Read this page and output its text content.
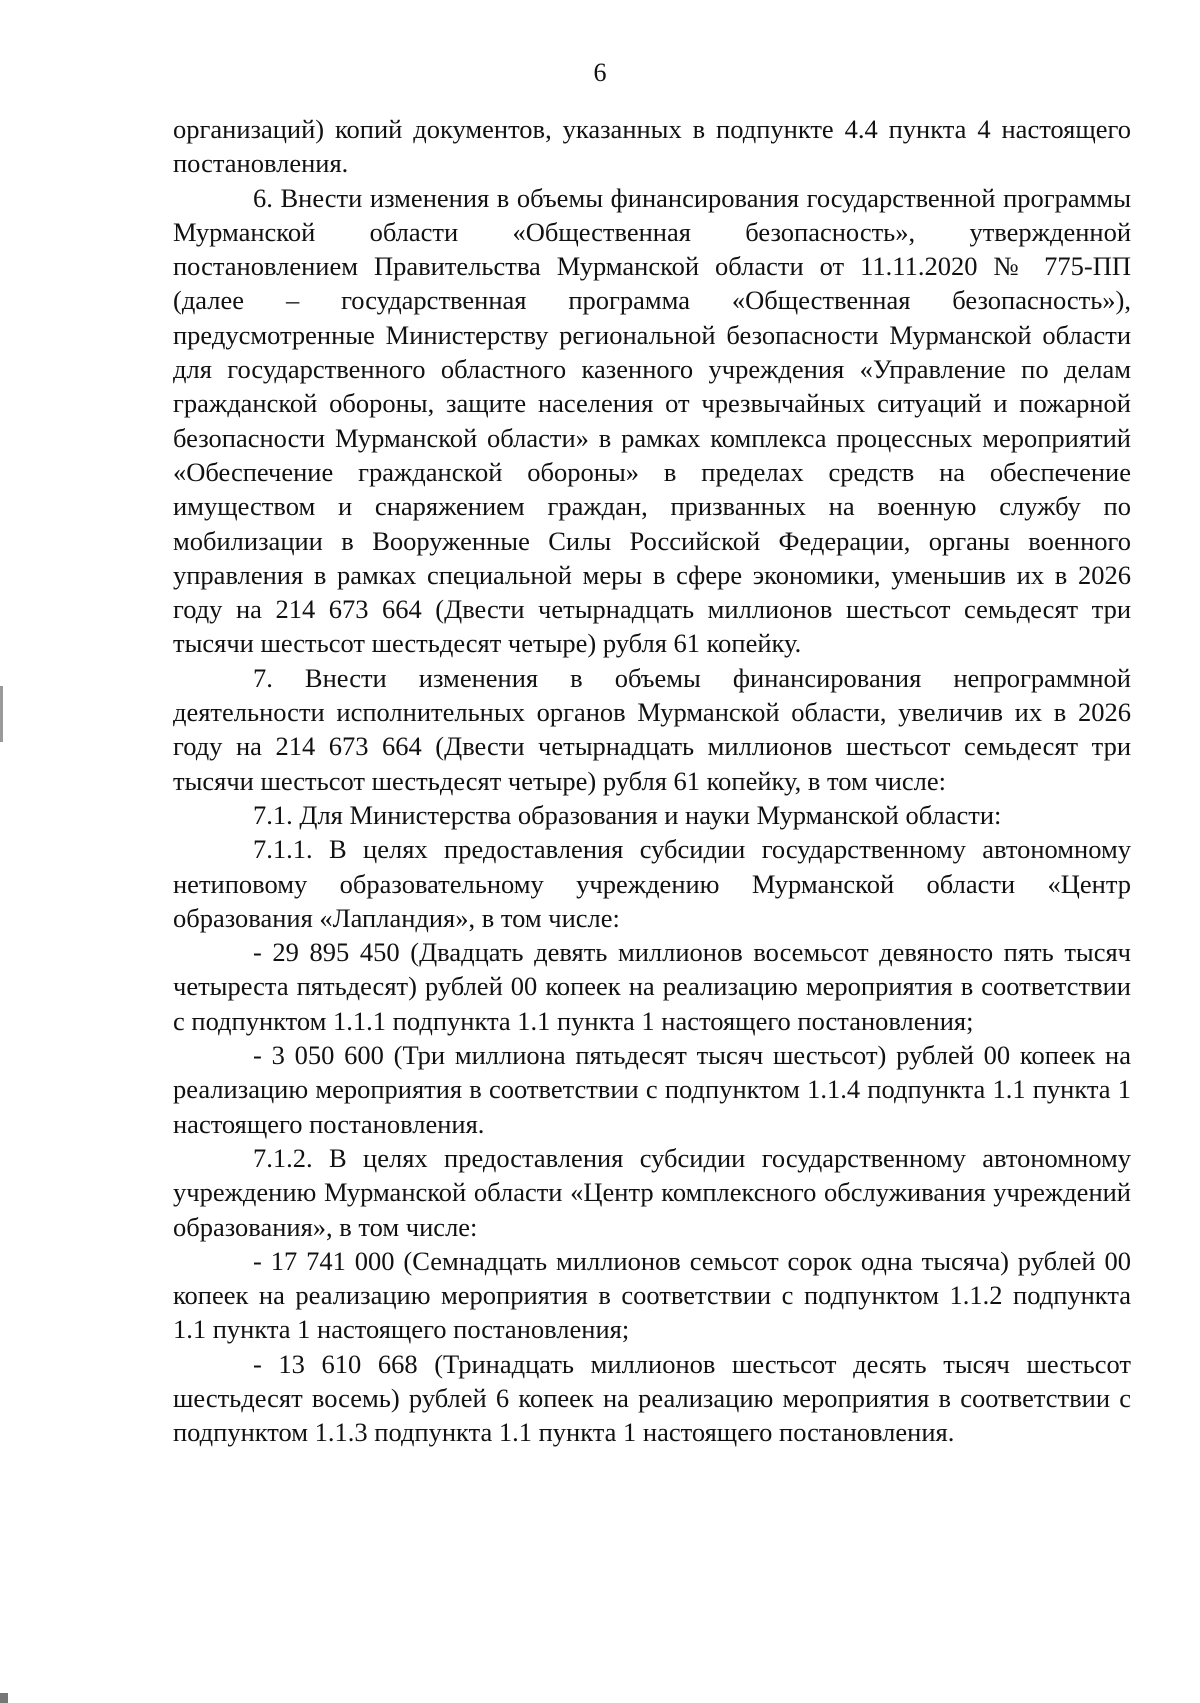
6

организаций) копий документов, указанных в подпункте 4.4 пункта 4 настоящего постановления.

6. Внести изменения в объемы финансирования государственной программы Мурманской области «Общественная безопасность», утвержденной постановлением Правительства Мурманской области от 11.11.2020 № 775-ПП (далее – государственная программа «Общественная безопасность»), предусмотренные Министерству региональной безопасности Мурманской области для государственного областного казенного учреждения «Управление по делам гражданской обороны, защите населения от чрезвычайных ситуаций и пожарной безопасности Мурманской области» в рамках комплекса процессных мероприятий «Обеспечение гражданской обороны» в пределах средств на обеспечение имуществом и снаряжением граждан, призванных на военную службу по мобилизации в Вооруженные Силы Российской Федерации, органы военного управления в рамках специальной меры в сфере экономики, уменьшив их в 2026 году на 214 673 664 (Двести четырнадцать миллионов шестьсот семьдесят три тысячи шестьсот шестьдесят четыре) рубля 61 копейку.

7. Внести изменения в объемы финансирования непрограммной деятельности исполнительных органов Мурманской области, увеличив их в 2026 году на 214 673 664 (Двести четырнадцать миллионов шестьсот семьдесят три тысячи шестьсот шестьдесят четыре) рубля 61 копейку, в том числе:

7.1. Для Министерства образования и науки Мурманской области:

7.1.1. В целях предоставления субсидии государственному автономному нетиповому образовательному учреждению Мурманской области «Центр образования «Лапландия», в том числе:

- 29 895 450 (Двадцать девять миллионов восемьсот девяносто пять тысяч четыреста пятьдесят) рублей 00 копеек на реализацию мероприятия в соответствии с подпунктом 1.1.1 подпункта 1.1 пункта 1 настоящего постановления;

- 3 050 600 (Три миллиона пятьдесят тысяч шестьсот) рублей 00 копеек на реализацию мероприятия в соответствии с подпунктом 1.1.4 подпункта 1.1 пункта 1 настоящего постановления.

7.1.2. В целях предоставления субсидии государственному автономному учреждению Мурманской области «Центр комплексного обслуживания учреждений образования», в том числе:

- 17 741 000 (Семнадцать миллионов семьсот сорок одна тысяча) рублей 00 копеек на реализацию мероприятия в соответствии с подпунктом 1.1.2 подпункта 1.1 пункта 1 настоящего постановления;

- 13 610 668 (Тринадцать миллионов шестьсот десять тысяч шестьсот шестьдесят восемь) рублей 6 копеек на реализацию мероприятия в соответствии с подпунктом 1.1.3 подпункта 1.1 пункта 1 настоящего постановления.
